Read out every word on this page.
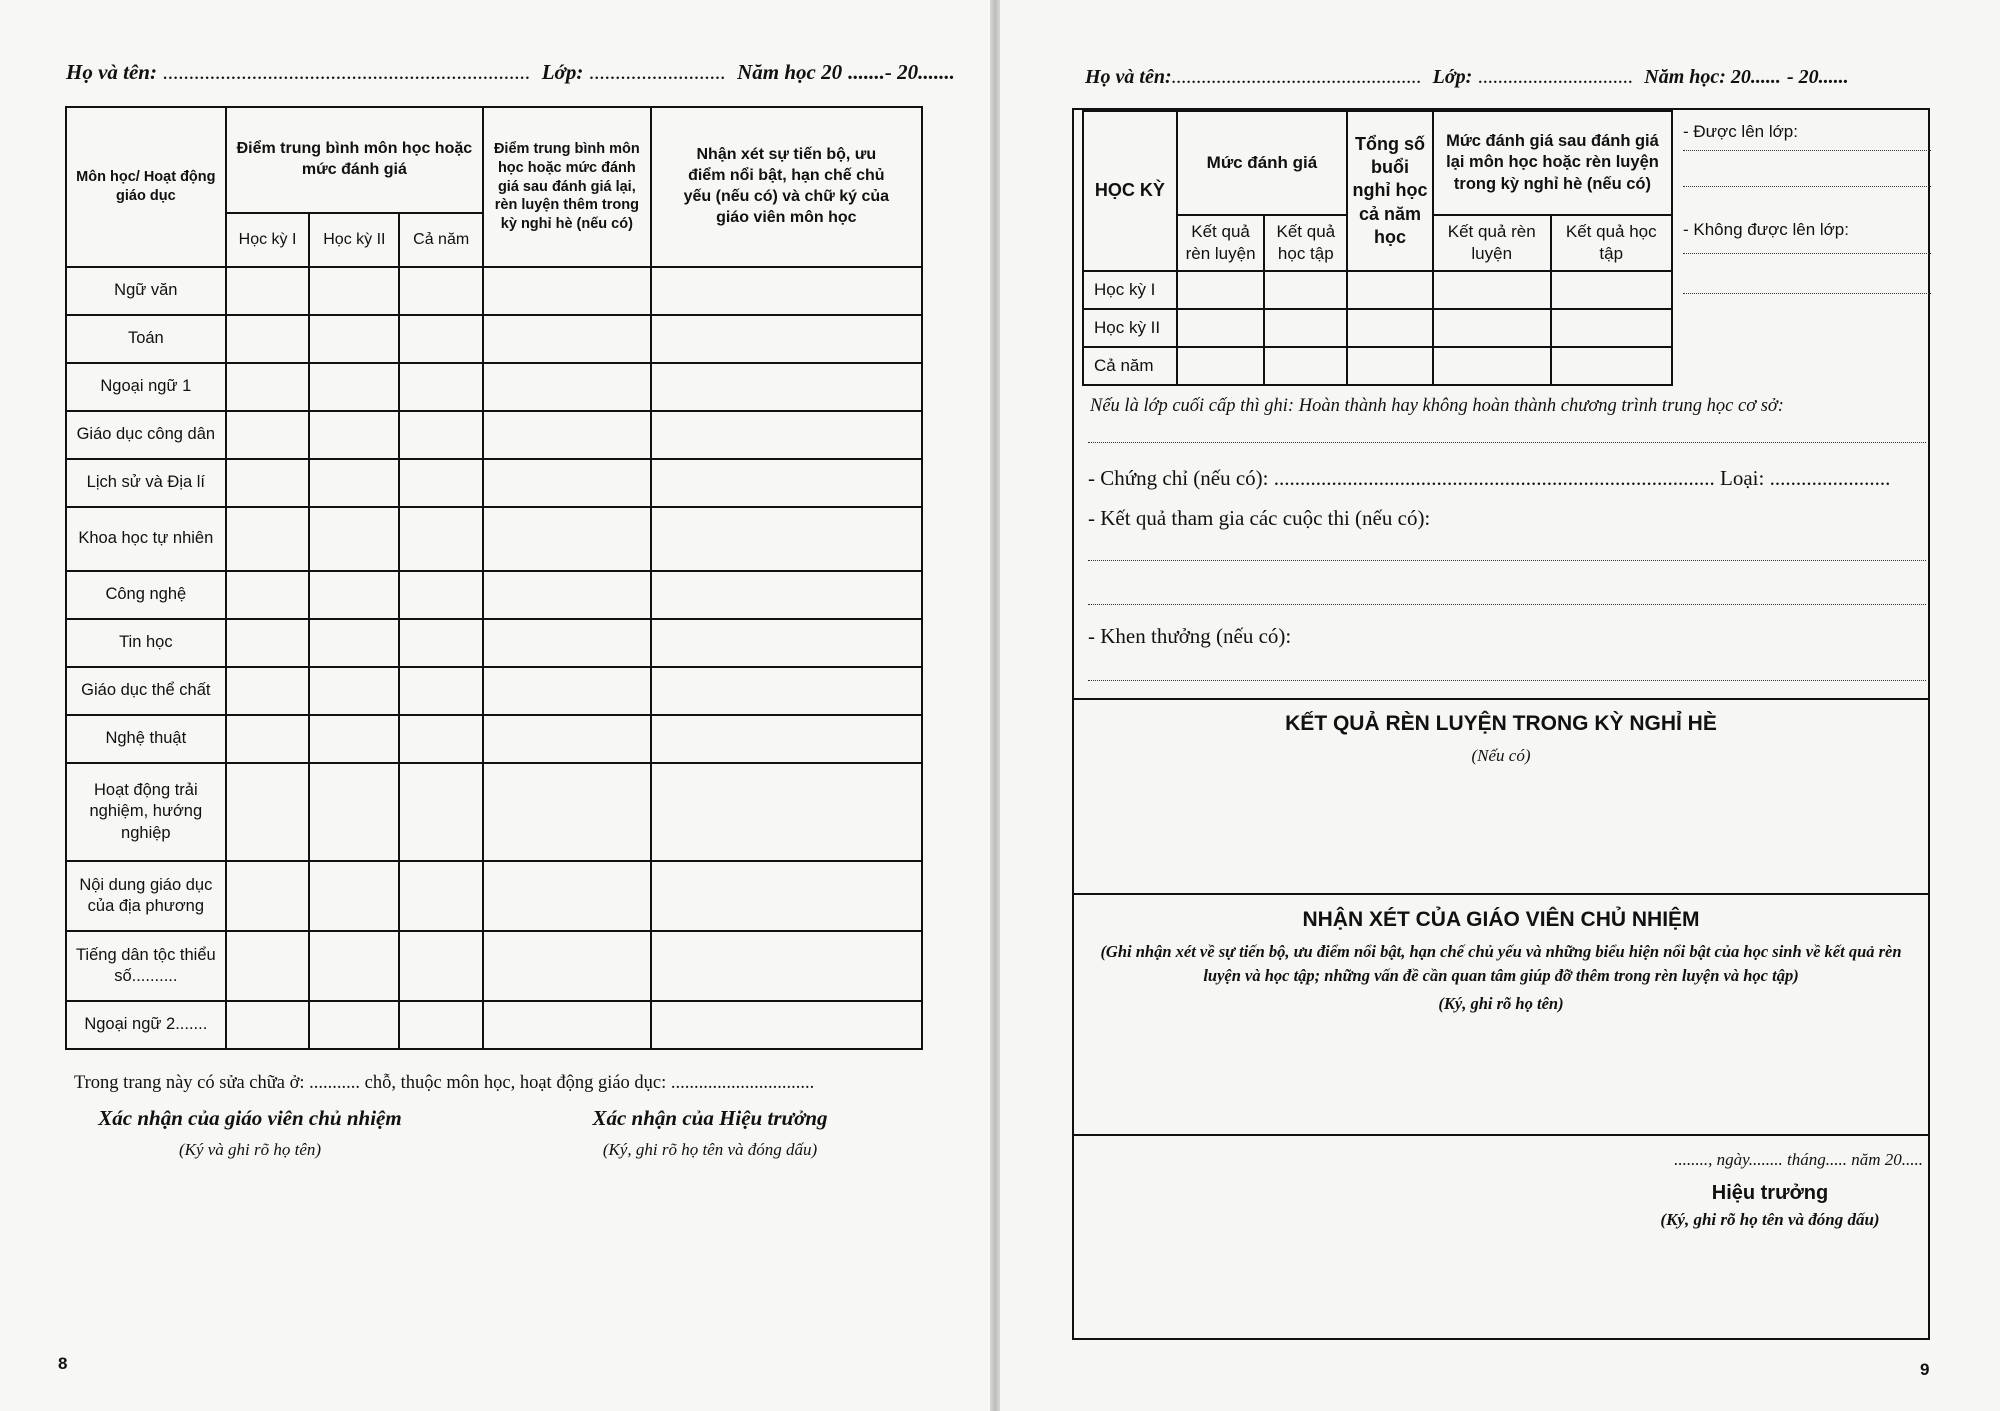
Họ và tên: ...................................................................... Lớp: .......................... Năm học 20 .......- 20.......
Môn học/ Hoạt động giáo dục	Điểm trung bình môn học hoặc mức đánh giá			Điểm trung bình môn học hoặc mức đánh giá sau đánh giá lại, rèn luyện thêm trong kỳ nghỉ hè (nếu có)	Nhận xét sự tiến bộ, ưu điểm nổi bật, hạn chế chủ yếu (nếu có) và chữ ký của giáo viên môn học
	Học kỳ I	Học kỳ II	Cả năm		
Ngữ văn					
Toán					
Ngoại ngữ 1					
Giáo dục công dân					
Lịch sử và Địa lí					
Khoa học tự nhiên					
Công nghệ					
Tin học					
Giáo dục thể chất					
Nghệ thuật					
Hoạt động trải nghiệm, hướng nghiệp					
Nội dung giáo dục của địa phương					
Tiếng dân tộc thiểu số..........					
Ngoại ngữ 2.......					
Trong trang này có sửa chữa ở: ........... chỗ, thuộc môn học, hoạt động giáo dục: ...............................
Xác nhận của giáo viên chủ nhiệm
(Ký và ghi rõ họ tên)
Xác nhận của Hiệu trưởng
(Ký, ghi rõ họ tên và đóng dấu)
8
Họ và tên:.................................................. Lớp: ............................... Năm học: 20...... - 20......
HỌC KỲ	Mức đánh giá		Tổng số buổi nghỉ học cả năm học	Mức đánh giá sau đánh giá lại môn học hoặc rèn luyện trong kỳ nghỉ hè (nếu có)	
	Kết quả rèn luyện	Kết quả học tập		Kết quả rèn luyện	Kết quả học tập
Học kỳ I					
Học kỳ II					
Cả năm					
- Được lên lớp:
- Không được lên lớp:
Nếu là lớp cuối cấp thì ghi: Hoàn thành hay không hoàn thành chương trình trung học cơ sở:
- Chứng chỉ (nếu có): .................................................................................... Loại: .......................
- Kết quả tham gia các cuộc thi (nếu có):
- Khen thưởng (nếu có):
KẾT QUẢ RÈN LUYỆN TRONG KỲ NGHỈ HÈ
(Nếu có)
NHẬN XÉT CỦA GIÁO VIÊN CHỦ NHIỆM
(Ghi nhận xét về sự tiến bộ, ưu điểm nổi bật, hạn chế chủ yếu và những biểu hiện nổi bật của học sinh về kết quả rèn luyện và học tập; những vấn đề cần quan tâm giúp đỡ thêm trong rèn luyện và học tập)
(Ký, ghi rõ họ tên)
........, ngày........ tháng..... năm 20.....
Hiệu trưởng
(Ký, ghi rõ họ tên và đóng dấu)
9
